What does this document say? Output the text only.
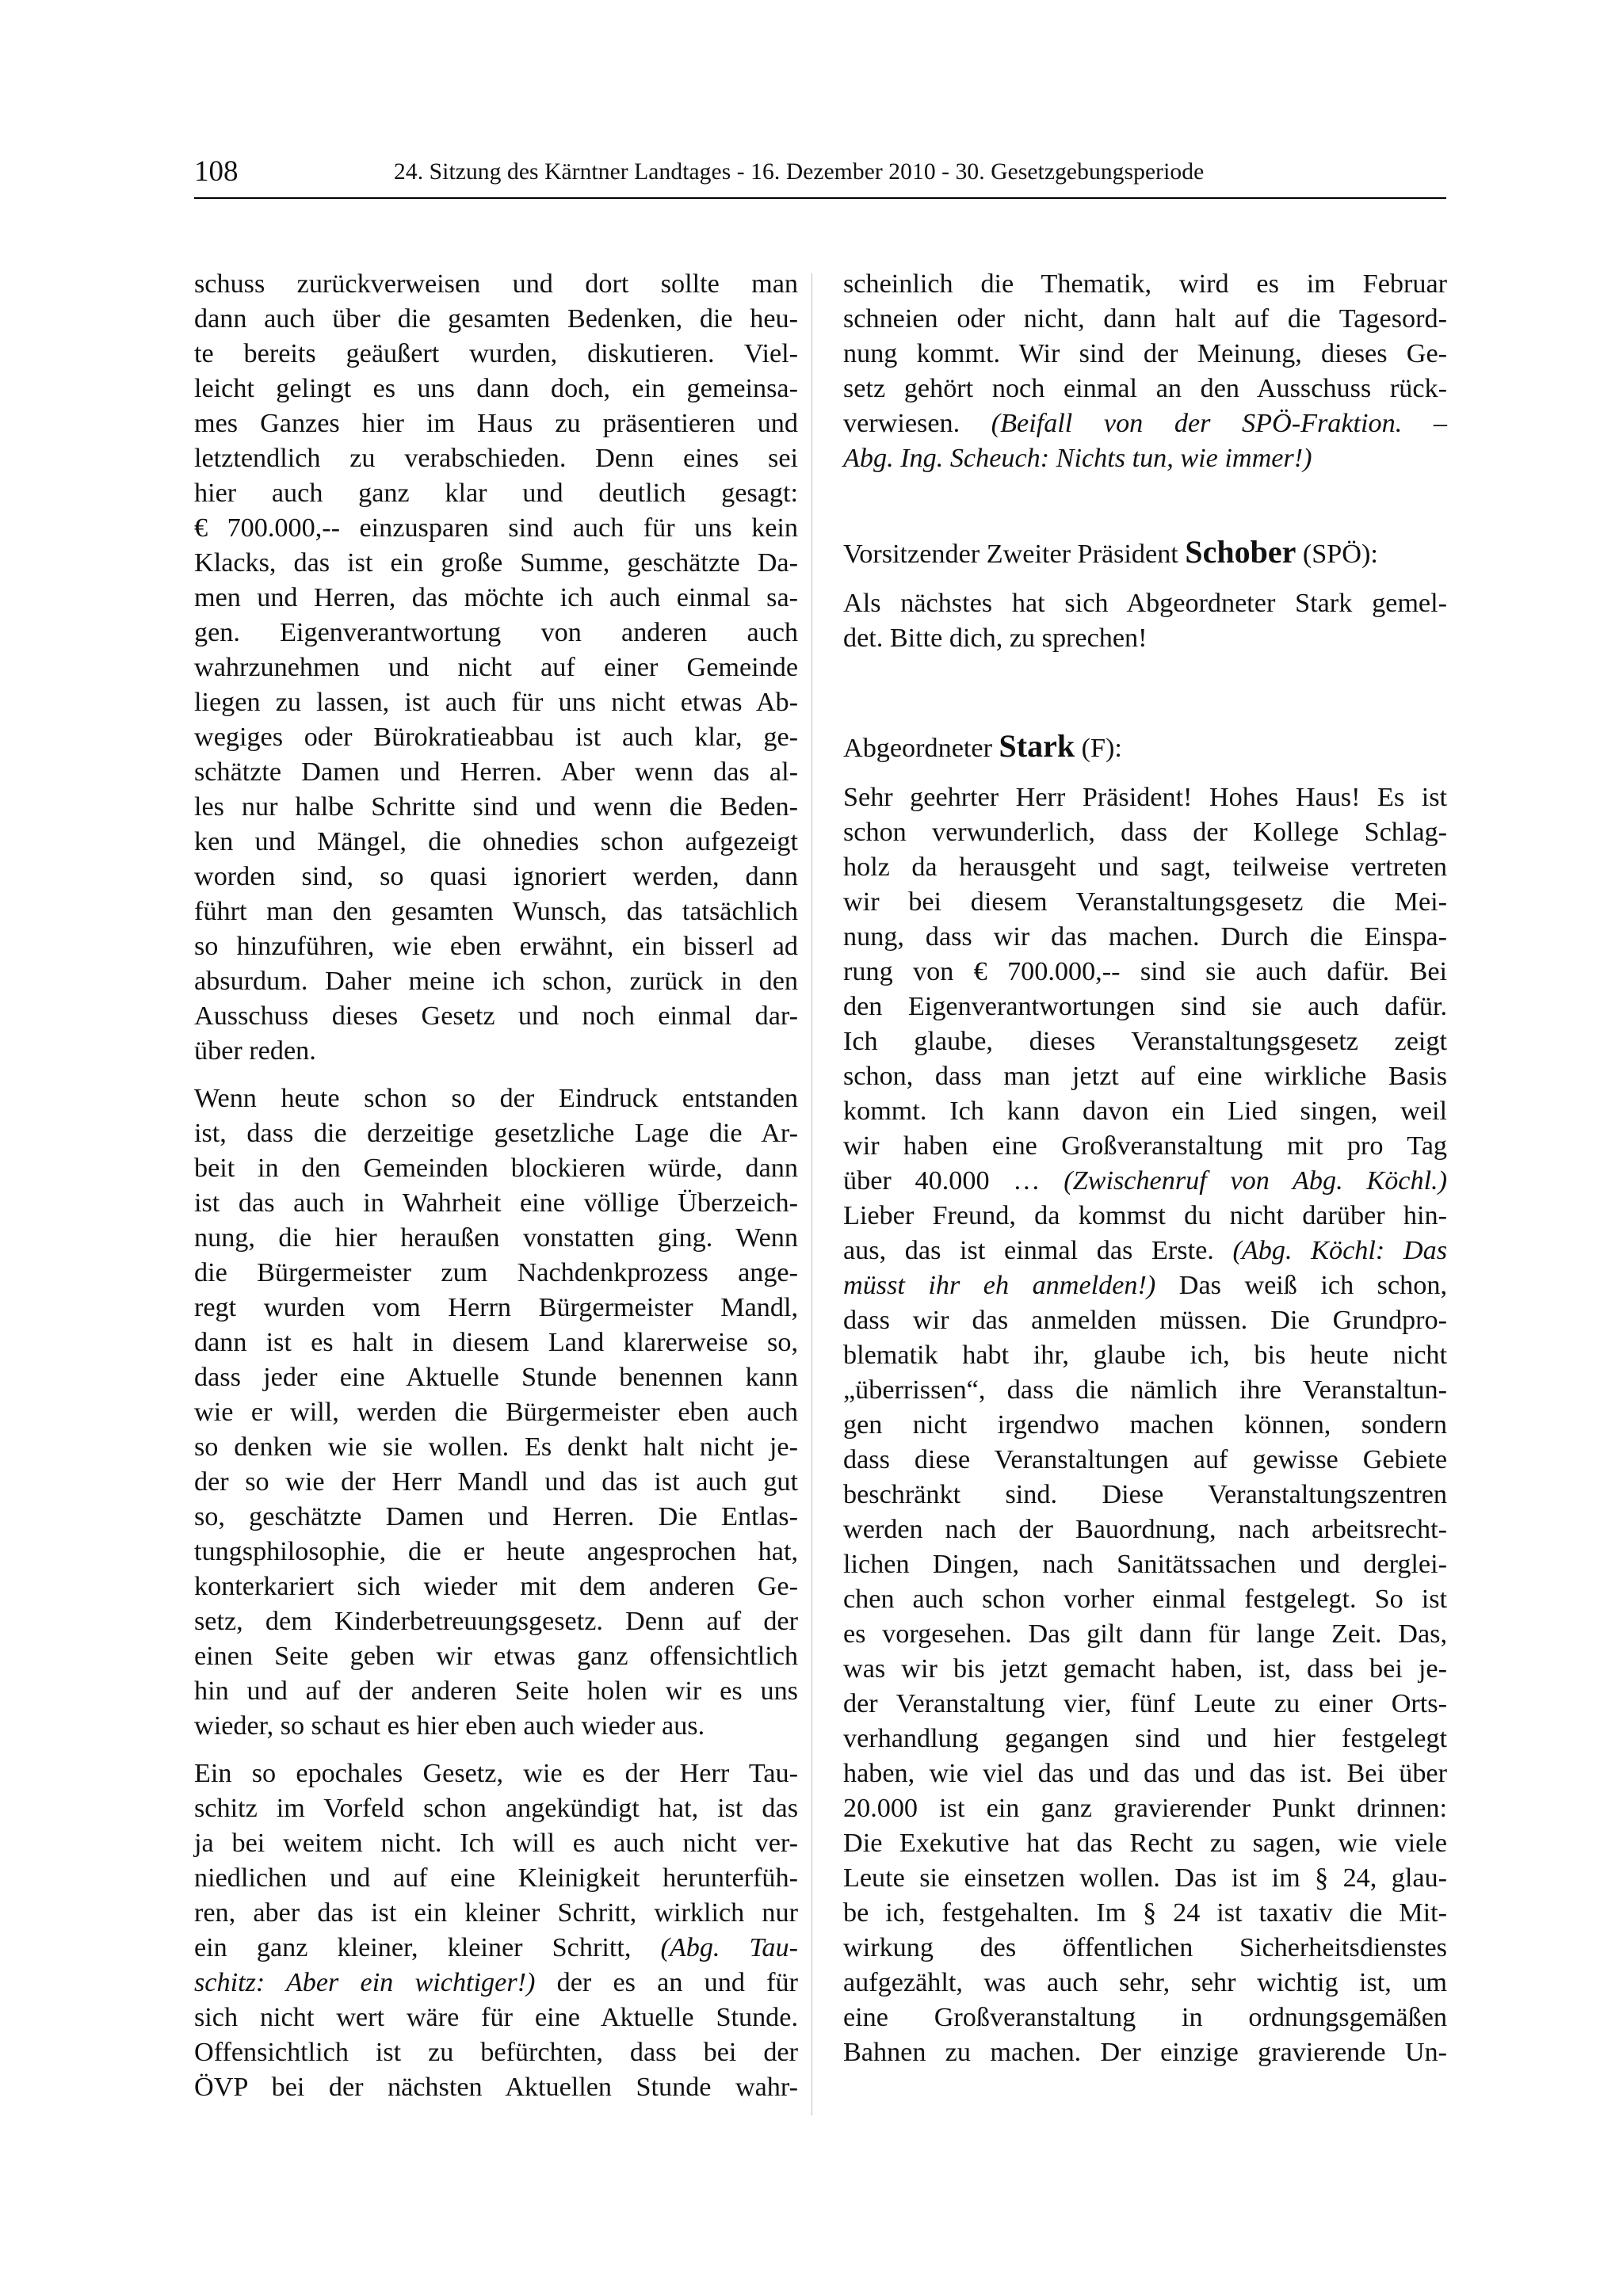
108	24. Sitzung des Kärntner Landtages - 16. Dezember 2010 - 30. Gesetzgebungsperiode

schuss zurückverweisen und dort sollte man
dann auch über die gesamten Bedenken, die heu-
te bereits geäußert wurden, diskutieren. Viel-
leicht gelingt es uns dann doch, ein gemeinsa-
mes Ganzes hier im Haus zu präsentieren und
letztendlich zu verabschieden. Denn eines sei
hier auch ganz klar und deutlich gesagt:
€ 700.000,-- einzusparen sind auch für uns kein
Klacks, das ist ein große Summe, geschätzte Da-
men und Herren, das möchte ich auch einmal sa-
gen. Eigenverantwortung von anderen auch
wahrzunehmen und nicht auf einer Gemeinde
liegen zu lassen, ist auch für uns nicht etwas Ab-
wegiges oder Bürokratieabbau ist auch klar, ge-
schätzte Damen und Herren. Aber wenn das al-
les nur halbe Schritte sind und wenn die Beden-
ken und Mängel, die ohnedies schon aufgezeigt
worden sind, so quasi ignoriert werden, dann
führt man den gesamten Wunsch, das tatsächlich
so hinzuführen, wie eben erwähnt, ein bisserl ad
absurdum. Daher meine ich schon, zurück in den
Ausschuss dieses Gesetz und noch einmal dar-
über reden.

Wenn heute schon so der Eindruck entstanden
ist, dass die derzeitige gesetzliche Lage die Ar-
beit in den Gemeinden blockieren würde, dann
ist das auch in Wahrheit eine völlige Überzeich-
nung, die hier heraußen vonstatten ging. Wenn
die Bürgermeister zum Nachdenkprozess ange-
regt wurden vom Herrn Bürgermeister Mandl,
dann ist es halt in diesem Land klarerweise so,
dass jeder eine Aktuelle Stunde benennen kann
wie er will, werden die Bürgermeister eben auch
so denken wie sie wollen. Es denkt halt nicht je-
der so wie der Herr Mandl und das ist auch gut
so, geschätzte Damen und Herren. Die Entlas-
tungsphilosophie, die er heute angesprochen hat,
konterkariert sich wieder mit dem anderen Ge-
setz, dem Kinderbetreuungsgesetz. Denn auf der
einen Seite geben wir etwas ganz offensichtlich
hin und auf der anderen Seite holen wir es uns
wieder, so schaut es hier eben auch wieder aus.

Ein so epochales Gesetz, wie es der Herr Tau-
schitz im Vorfeld schon angekündigt hat, ist das
ja bei weitem nicht. Ich will es auch nicht ver-
niedlichen und auf eine Kleinigkeit herunterfüh-
ren, aber das ist ein kleiner Schritt, wirklich nur
ein ganz kleiner, kleiner Schritt, (Abg. Tau-
schitz: Aber ein wichtiger!) der es an und für
sich nicht wert wäre für eine Aktuelle Stunde.
Offensichtlich ist zu befürchten, dass bei der
ÖVP bei der nächsten Aktuellen Stunde wahr-

scheinlich die Thematik, wird es im Februar
schneien oder nicht, dann halt auf die Tagesord-
nung kommt. Wir sind der Meinung, dieses Ge-
setz gehört noch einmal an den Ausschuss rück-
verwiesen. (Beifall von der SPÖ-Fraktion. –
Abg. Ing. Scheuch: Nichts tun, wie immer!)

Vorsitzender Zweiter Präsident Schober (SPÖ):

Als nächstes hat sich Abgeordneter Stark gemel-
det. Bitte dich, zu sprechen!

Abgeordneter Stark (F):

Sehr geehrter Herr Präsident! Hohes Haus! Es ist
schon verwunderlich, dass der Kollege Schlag-
holz da herausgeht und sagt, teilweise vertreten
wir bei diesem Veranstaltungsgesetz die Mei-
nung, dass wir das machen. Durch die Einspa-
rung von € 700.000,-- sind sie auch dafür. Bei
den Eigenverantwortungen sind sie auch dafür.
Ich glaube, dieses Veranstaltungsgesetz zeigt
schon, dass man jetzt auf eine wirkliche Basis
kommt. Ich kann davon ein Lied singen, weil
wir haben eine Großveranstaltung mit pro Tag
über 40.000 … (Zwischenruf von Abg. Köchl.)
Lieber Freund, da kommst du nicht darüber hin-
aus, das ist einmal das Erste. (Abg. Köchl: Das
müsst ihr eh anmelden!) Das weiß ich schon,
dass wir das anmelden müssen. Die Grundpro-
blematik habt ihr, glaube ich, bis heute nicht
„überrissen“, dass die nämlich ihre Veranstaltun-
gen nicht irgendwo machen können, sondern
dass diese Veranstaltungen auf gewisse Gebiete
beschränkt sind. Diese Veranstaltungszentren
werden nach der Bauordnung, nach arbeitsrecht-
lichen Dingen, nach Sanitätssachen und derglei-
chen auch schon vorher einmal festgelegt. So ist
es vorgesehen. Das gilt dann für lange Zeit. Das,
was wir bis jetzt gemacht haben, ist, dass bei je-
der Veranstaltung vier, fünf Leute zu einer Orts-
verhandlung gegangen sind und hier festgelegt
haben, wie viel das und das und das ist. Bei über
20.000 ist ein ganz gravierender Punkt drinnen:
Die Exekutive hat das Recht zu sagen, wie viele
Leute sie einsetzen wollen. Das ist im § 24, glau-
be ich, festgehalten. Im § 24 ist taxativ die Mit-
wirkung des öffentlichen Sicherheitsdienstes
aufgezählt, was auch sehr, sehr wichtig ist, um
eine Großveranstaltung in ordnungsgemäßen
Bahnen zu machen. Der einzige gravierende Un-
